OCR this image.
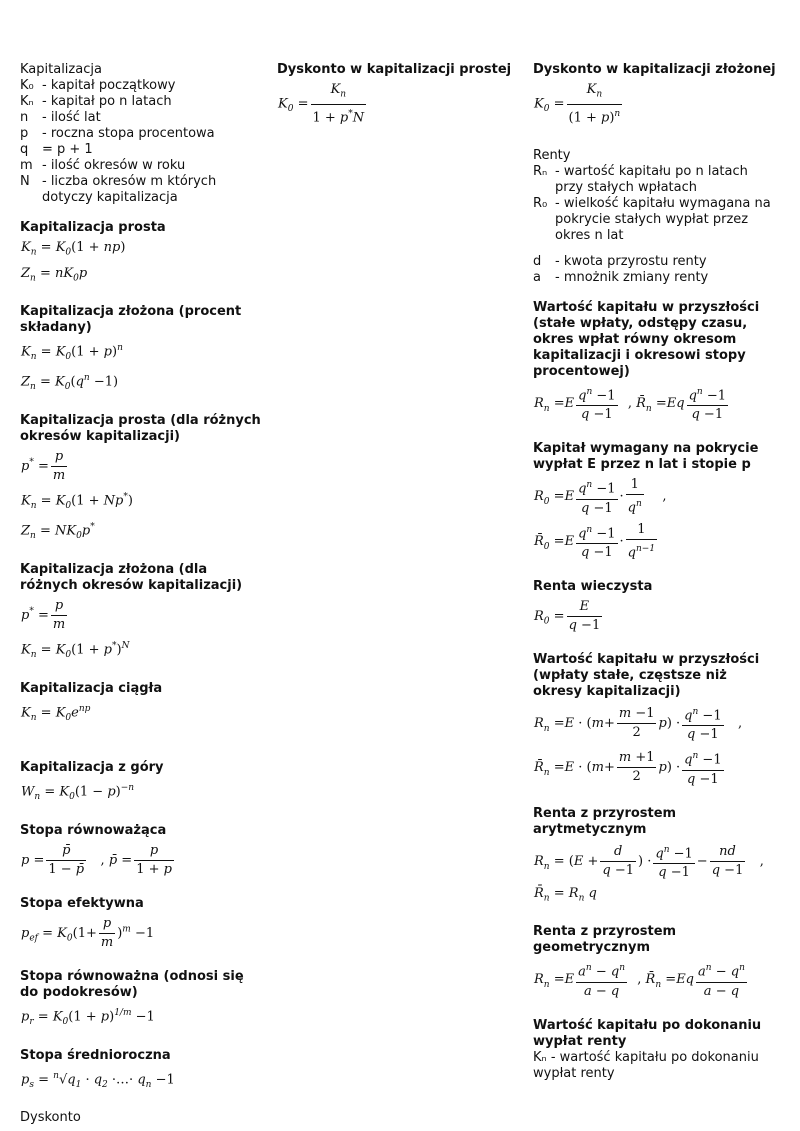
Kapitalizacja
K₀ - kapitał początkowy
Kₙ - kapitał po n latach
n	- ilość lat
p	- roczna stopa procentowa
q	= p + 1
m - ilość okresów w roku
N - liczba okresów m których dotyczy kapitalizacja
Kapitalizacja prosta
$K_n = K_0(1 + np)$
$Z_n = nK_0p$
Kapitalizacja złożona (procent składany)
$K_n = K_0(1 + p)^n$
$Z_n = K_0(q^n -1)$
Kapitalizacja prosta (dla różnych okresów kapitalizacji)
$p^* = \frac{p}{m}$
$K_n = K_0(1 + Np^*)$
$Z_n = NK_0p^*$
Kapitalizacja złożona (dla różnych okresów kapitalizacji)
$p^* = \frac{p}{m}$
$K_n = K_0(1 + p^*)^N$
Kapitalizacja ciągła
$K_n = K_0e^{np}$
Kapitalizacja z góry
$W_n = K_0(1 - p)^{-n}$
Stopa równoważąca
$p = \frac{p̄}{1 - p̄}$ , p̄ = $\frac{p}{1 + p}$
Stopa efektywna
$p_{ef} = K_0(1+ \frac{p}{m} )^m -1$
Stopa równoważna (odnosi się do podokresów)
$p_r = K_0(1 + p)^{1/m} -1$
Stopa średnioroczna
$p_s = ^n√q_1 \cdot q_2$ ·…· $q_n -1$
Dyskonto
Dyskonto w kapitalizacji prostej
$K_0 = \frac{K_n}{1 + p^*N}$
Dyskonto w kapitalizacji złożonej
$K_0 = \frac{K_n}{(1 + p)^n}$
Renty
Rₙ - wartość kapitału po n latach przy stałych wpłatach
R₀ - wielkość kapitału wymagana na pokrycie stałych wypłat przez okres n lat
d	- kwota przyrostu renty
a	- mnożnik zmiany renty
Wartość kapitału w przyszłości (stałe wpłaty, odstępy czasu, okres wpłat równy okresom kapitalizacji i okresowi stopy procentowej)
$R_n =E \frac{q^n -1}{q -1}$ , $R̄_n =Eq \frac{q^n -1}{q -1}$
Kapitał wymagany na pokrycie wypłat E przez n lat i stopie p
$R_0 =E \frac{q^n -1}{q -1} \cdot \frac{1}{q^n}$ ,
$R̄_0 =E \frac{q^n -1}{q -1} \cdot \frac{1}{q^{n-1}}$
Renta wieczysta
$R_0 = \frac{E}{q -1}$
Wartość kapitału w przyszłości (wpłaty stałe, częstsze niż okresy kapitalizacji)
$R_n =E \cdot (m+ \frac{m -1}{2} p) \cdot \frac{q^n -1}{q -1}$ ,
$R̄_n =E \cdot (m+ \frac{m +1}{2} p) \cdot \frac{q^n -1}{q -1}$
Renta z przyrostem arytmetycznym
$R_n = (E + \frac{d}{q -1}$ ) · $\frac{q^n -1}{q -1} - \frac{nd}{q -1}$ ,
$R̄_n = R_n$ q
Renta z przyrostem geometrycznym
$R_n =E \frac{a^n - q^n}{a - q}$ , $R̄_n =Eq \frac{a^n - q^n}{a - q}$
Wartość kapitału po dokonaniu wypłat renty
Kₙ - wartość kapitału po dokonaniu wypłat renty
